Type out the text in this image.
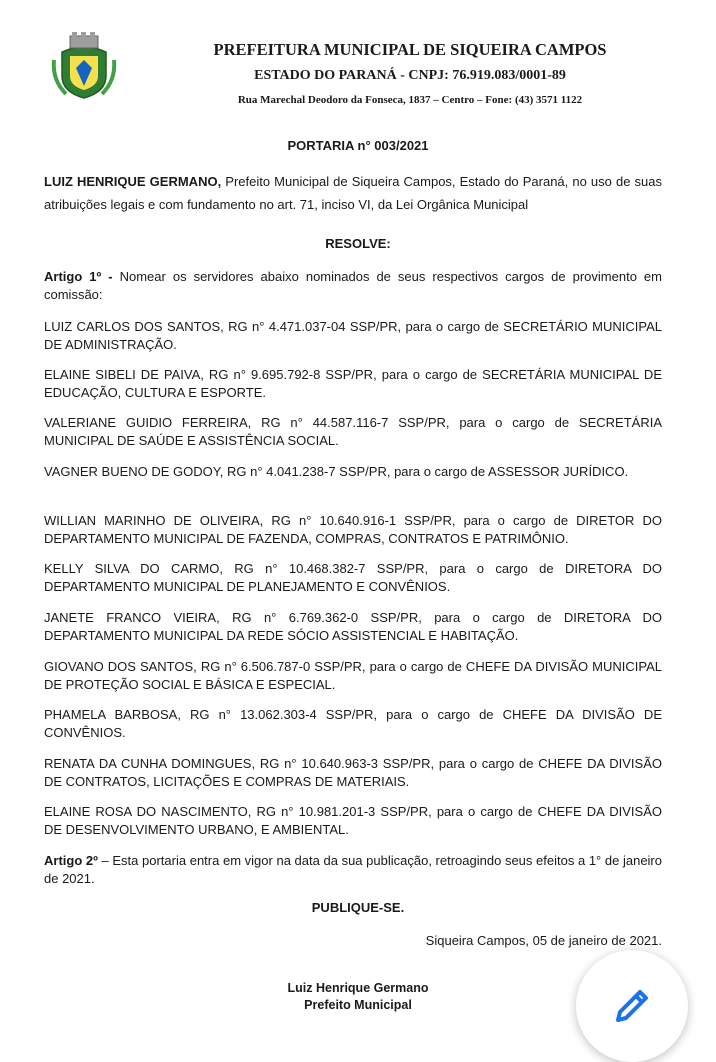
PREFEITURA MUNICIPAL DE SIQUEIRA CAMPOS
ESTADO DO PARANÁ - CNPJ: 76.919.083/0001-89
Rua Marechal Deodoro da Fonseca, 1837 – Centro – Fone: (43) 3571 1122
PORTARIA n° 003/2021
LUIZ HENRIQUE GERMANO, Prefeito Municipal de Siqueira Campos, Estado do Paraná, no uso de suas atribuições legais e com fundamento no art. 71, inciso VI, da Lei Orgânica Municipal
RESOLVE:
Artigo 1º - Nomear os servidores abaixo nominados de seus respectivos cargos de provimento em comissão:
LUIZ CARLOS DOS SANTOS, RG n° 4.471.037-04 SSP/PR, para o cargo de SECRETÁRIO MUNICIPAL DE ADMINISTRAÇÃO.
ELAINE SIBELI DE PAIVA, RG n° 9.695.792-8 SSP/PR, para o cargo de SECRETÁRIA MUNICIPAL DE EDUCAÇÃO, CULTURA E ESPORTE.
VALERIANE GUIDIO FERREIRA, RG n° 44.587.116-7 SSP/PR, para o cargo de SECRETÁRIA MUNICIPAL DE SAÚDE E ASSISTÊNCIA SOCIAL.
VAGNER BUENO DE GODOY, RG n° 4.041.238-7 SSP/PR, para o cargo de ASSESSOR JURÍDICO.
WILLIAN MARINHO DE OLIVEIRA, RG n° 10.640.916-1 SSP/PR, para o cargo de DIRETOR DO DEPARTAMENTO MUNICIPAL DE FAZENDA, COMPRAS, CONTRATOS E PATRIMÔNIO.
KELLY SILVA DO CARMO, RG n° 10.468.382-7 SSP/PR, para o cargo de DIRETORA DO DEPARTAMENTO MUNICIPAL DE PLANEJAMENTO E CONVÊNIOS.
JANETE FRANCO VIEIRA, RG n° 6.769.362-0 SSP/PR, para o cargo de DIRETORA DO DEPARTAMENTO MUNICIPAL DA REDE SÓCIO ASSISTENCIAL E HABITAÇÃO.
GIOVANO DOS SANTOS, RG n° 6.506.787-0 SSP/PR, para o cargo de CHEFE DA DIVISÃO MUNICIPAL DE PROTEÇÃO SOCIAL E BÁSICA E ESPECIAL.
PHAMELA BARBOSA, RG n° 13.062.303-4 SSP/PR, para o cargo de CHEFE DA DIVISÃO DE CONVÊNIOS.
RENATA DA CUNHA DOMINGUES, RG n° 10.640.963-3 SSP/PR, para o cargo de CHEFE DA DIVISÃO DE CONTRATOS, LICITAÇÕES E COMPRAS DE MATERIAIS.
ELAINE ROSA DO NASCIMENTO, RG n° 10.981.201-3 SSP/PR, para o cargo de CHEFE DA DIVISÃO DE DESENVOLVIMENTO URBANO, E AMBIENTAL.
Artigo 2º – Esta portaria entra em vigor na data da sua publicação, retroagindo seus efeitos a 1° de janeiro de 2021.
PUBLIQUE-SE.
Siqueira Campos, 05 de janeiro de 2021.
Luiz Henrique Germano
Prefeito Municipal
